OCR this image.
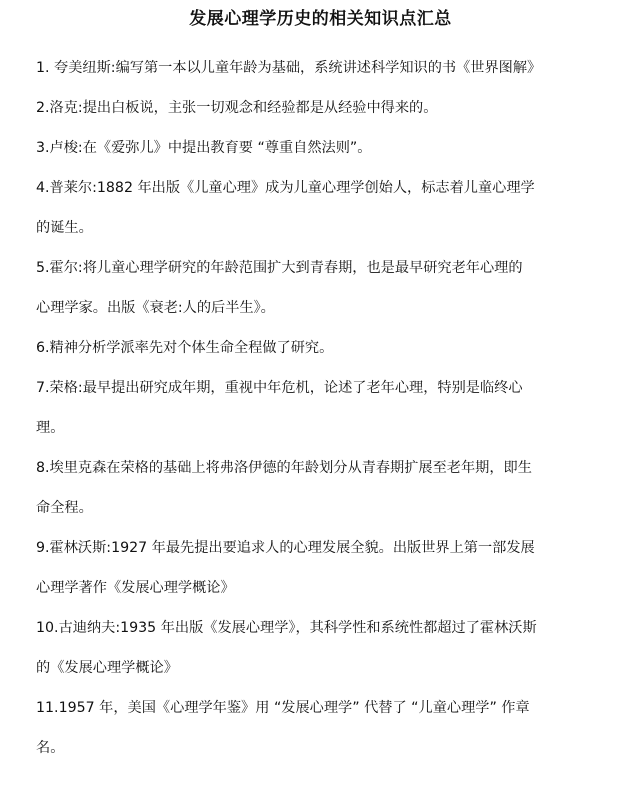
发展心理学历史的相关知识点汇总

1. 夸美纽斯:编写第一本以儿童年龄为基础，系统讲述科学知识的书《世界图解》

2.洛克:提出白板说，主张一切观念和经验都是从经验中得来的。

3.卢梭:在《爱弥儿》中提出教育要 “尊重自然法则”。

4.普莱尔:1882 年出版《儿童心理》成为儿童心理学创始人，标志着儿童心理学
的诞生。

5.霍尔:将儿童心理学研究的年龄范围扩大到青春期，也是最早研究老年心理的
心理学家。出版《衰老:人的后半生》。

6.精神分析学派率先对个体生命全程做了研究。

7.荣格:最早提出研究成年期，重视中年危机，论述了老年心理，特别是临终心
理。

8.埃里克森在荣格的基础上将弗洛伊德的年龄划分从青春期扩展至老年期，即生
命全程。

9.霍林沃斯:1927 年最先提出要追求人的心理发展全貌。出版世界上第一部发展
心理学著作《发展心理学概论》

10.古迪纳夫:1935 年出版《发展心理学》，其科学性和系统性都超过了霍林沃斯
的《发展心理学概论》

11.1957 年，美国《心理学年鉴》用 “发展心理学” 代替了 “儿童心理学” 作章
名。
